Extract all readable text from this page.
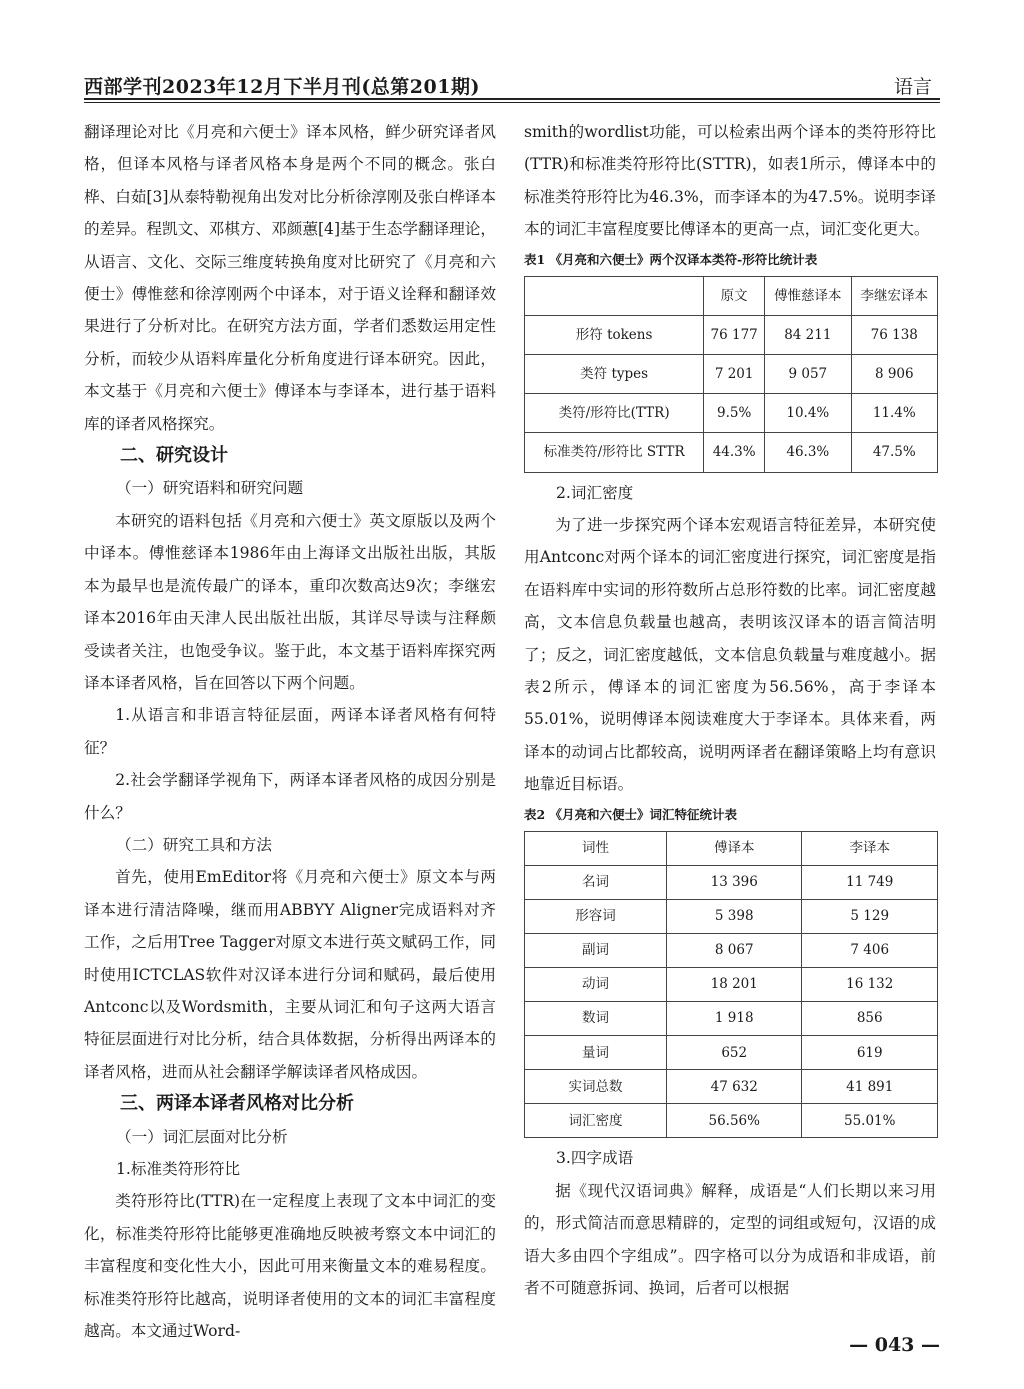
西部学刊2023年12月下半月刊(总第201期)	语言

翻译理论对比《月亮和六便士》译本风格，鲜少研究译者风格，但译本风格与译者风格本身是两个不同的概念。张白桦、白茹[3]从泰特勒视角出发对比分析徐淳刚及张白桦译本的差异。程凯文、邓棋方、邓颜蕙[4]基于生态学翻译理论，从语言、文化、交际三维度转换角度对比研究了《月亮和六便士》傅惟慈和徐淳刚两个中译本，对于语义诠释和翻译效果进行了分析对比。在研究方法方面，学者们悉数运用定性分析，而较少从语料库量化分析角度进行译本研究。因此，本文基于《月亮和六便士》傅译本与李译本，进行基于语料库的译者风格探究。

二、研究设计

（一）研究语料和研究问题

本研究的语料包括《月亮和六便士》英文原版以及两个中译本。傅惟慈译本1986年由上海译文出版社出版，其版本为最早也是流传最广的译本，重印次数高达9次；李继宏译本2016年由天津人民出版社出版，其详尽导读与注释颇受读者关注，也饱受争议。鉴于此，本文基于语料库探究两译本译者风格，旨在回答以下两个问题。

1.从语言和非语言特征层面，两译本译者风格有何特征？

2.社会学翻译学视角下，两译本译者风格的成因分别是什么？

（二）研究工具和方法

首先，使用EmEditor将《月亮和六便士》原文本与两译本进行清洁降噪，继而用ABBYY Aligner完成语料对齐工作，之后用Tree Tagger对原文本进行英文赋码工作，同时使用ICTCLAS软件对汉译本进行分词和赋码，最后使用Antconc以及Wordsmith，主要从词汇和句子这两大语言特征层面进行对比分析，结合具体数据，分析得出两译本的译者风格，进而从社会翻译学解读译者风格成因。

三、两译本译者风格对比分析

（一）词汇层面对比分析

1.标准类符形符比

类符形符比(TTR)在一定程度上表现了文本中词汇的变化，标准类符形符比能够更准确地反映被考察文本中词汇的丰富程度和变化性大小，因此可用来衡量文本的难易程度。标准类符形符比越高，说明译者使用的文本的词汇丰富程度越高。本文通过Word-

smith的wordlist功能，可以检索出两个译本的类符形符比(TTR)和标准类符形符比(STTR)，如表1所示，傅译本中的标准类符形符比为46.3%，而李译本的为47.5%。说明李译本的词汇丰富程度要比傅译本的更高一点，词汇变化更大。

表1 《月亮和六便士》两个汉译本类符-形符比统计表

	原文	傅惟慈译本	李继宏译本
形符 tokens	76 177	84 211	76 138
类符 types	7 201	9 057	8 906
类符/形符比(TTR)	9.5%	10.4%	11.4%
标准类符/形符比 STTR	44.3%	46.3%	47.5%

2.词汇密度

为了进一步探究两个译本宏观语言特征差异，本研究使用Antconc对两个译本的词汇密度进行探究，词汇密度是指在语料库中实词的形符数所占总形符数的比率。词汇密度越高，文本信息负载量也越高，表明该汉译本的语言简洁明了；反之，词汇密度越低，文本信息负载量与难度越小。据表2所示，傅译本的词汇密度为56.56%，高于李译本55.01%，说明傅译本阅读难度大于李译本。具体来看，两译本的动词占比都较高，说明两译者在翻译策略上均有意识地靠近目标语。

表2 《月亮和六便士》词汇特征统计表

词性	傅译本	李译本
名词	13 396	11 749
形容词	5 398	5 129
副词	8 067	7 406
动词	18 201	16 132
数词	1 918	856
量词	652	619
实词总数	47 632	41 891
词汇密度	56.56%	55.01%

3.四字成语

据《现代汉语词典》解释，成语是“人们长期以来习用的，形式简洁而意思精辟的，定型的词组或短句，汉语的成语大多由四个字组成”。四字格可以分为成语和非成语，前者不可随意拆词、换词，后者可以根据

— 043 —
